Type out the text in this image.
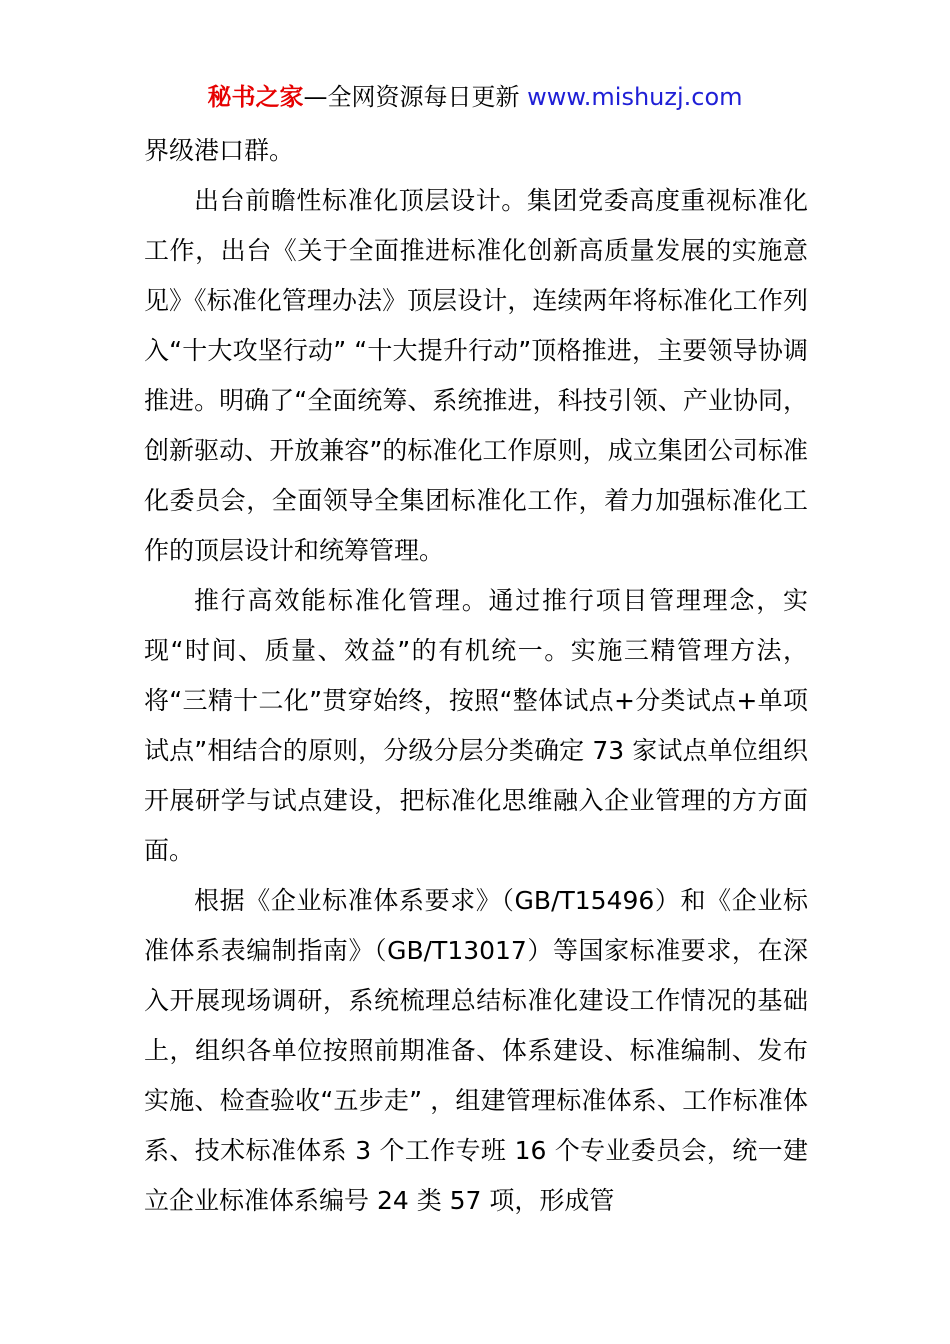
秘书之家—全网资源每日更新 www.mishuzj.com

界级港口群。

出台前瞻性标准化顶层设计。集团党委高度重视标准化工作，出台《关于全面推进标准化创新高质量发展的实施意见》《标准化管理办法》顶层设计，连续两年将标准化工作列入“十大攻坚行动” “十大提升行动”顶格推进，主要领导协调推进。明确了“全面统筹、系统推进，科技引领、产业协同，创新驱动、开放兼容”的标准化工作原则，成立集团公司标准化委员会，全面领导全集团标准化工作，着力加强标准化工作的顶层设计和统筹管理。

推行高效能标准化管理。通过推行项目管理理念，实现“时间、质量、效益”的有机统一。实施三精管理方法，将“三精十二化”贯穿始终，按照“整体试点+分类试点+单项试点”相结合的原则，分级分层分类确定 73 家试点单位组织开展研学与试点建设，把标准化思维融入企业管理的方方面面。

根据《企业标准体系要求》（GB/T15496）和《企业标准体系表编制指南》（GB/T13017）等国家标准要求，在深入开展现场调研，系统梳理总结标准化建设工作情况的基础上，组织各单位按照前期准备、体系建设、标准编制、发布实施、检查验收“五步走” ，组建管理标准体系、工作标准体系、技术标准体系 3 个工作专班 16 个专业委员会，统一建立企业标准体系编号 24 类 57 项，形成管
